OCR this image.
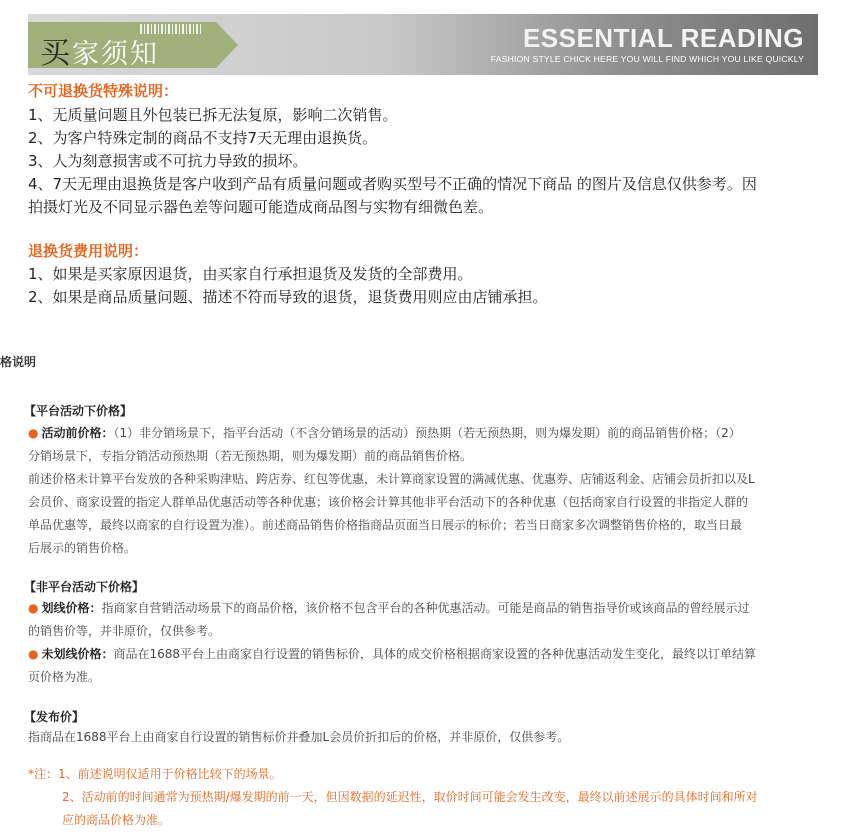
买家须知
ESSENTIAL READING
FASHION STYLE CHICK HERE YOU WILL FIND WHICH YOU LIKE QUICKLY
不可退换货特殊说明：
1、无质量问题且外包装已拆无法复原，影响二次销售。
2、为客户特殊定制的商品不支持7天无理由退换货。
3、人为刻意损害或不可抗力导致的损坏。
4、7天无理由退换货是客户收到产品有质量问题或者购买型号不正确的情况下商品 的图片及信息仅供参考。因
拍摄灯光及不同显示器色差等问题可能造成商品图与实物有细微色差。
退换货费用说明：
1、如果是买家原因退货，由买家自行承担退货及发货的全部费用。
2、如果是商品质量问题、描述不符而导致的退货，退货费用则应由店铺承担。
格说明
【平台活动下价格】
● 活动前价格：（1）非分销场景下，指平台活动（不含分销场景的活动）预热期（若无预热期，则为爆发期）前的商品销售价格；（2）
分销场景下，专指分销活动预热期（若无预热期，则为爆发期）前的商品销售价格。
前述价格未计算平台发放的各种采购津贴、跨店券、红包等优惠，未计算商家设置的满减优惠、优惠券、店铺返利金、店铺会员折扣以及L
会员价、商家设置的指定人群单品优惠活动等各种优惠；该价格会计算其他非平台活动下的各种优惠（包括商家自行设置的非指定人群的
单品优惠等，最终以商家的自行设置为准）。前述商品销售价格指商品页面当日展示的标价；若当日商家多次调整销售价格的，取当日最
后展示的销售价格。
【非平台活动下价格】
● 划线价格：指商家自营销活动场景下的商品价格，该价格不包含平台的各种优惠活动。可能是商品的销售指导价或该商品的曾经展示过
的销售价等，并非原价，仅供参考。
● 未划线价格：商品在1688平台上由商家自行设置的销售标价，具体的成交价格根据商家设置的各种优惠活动发生变化，最终以订单结算
页价格为准。
【发布价】
指商品在1688平台上由商家自行设置的销售标价并叠加L会员价折扣后的价格，并非原价，仅供参考。
*注：1、前述说明仅适用于价格比较下的场景。
2、活动前的时间通常为预热期/爆发期的前一天，但因数据的延迟性，取价时间可能会发生改变，最终以前述展示的具体时间和所对
应的商品价格为准。
